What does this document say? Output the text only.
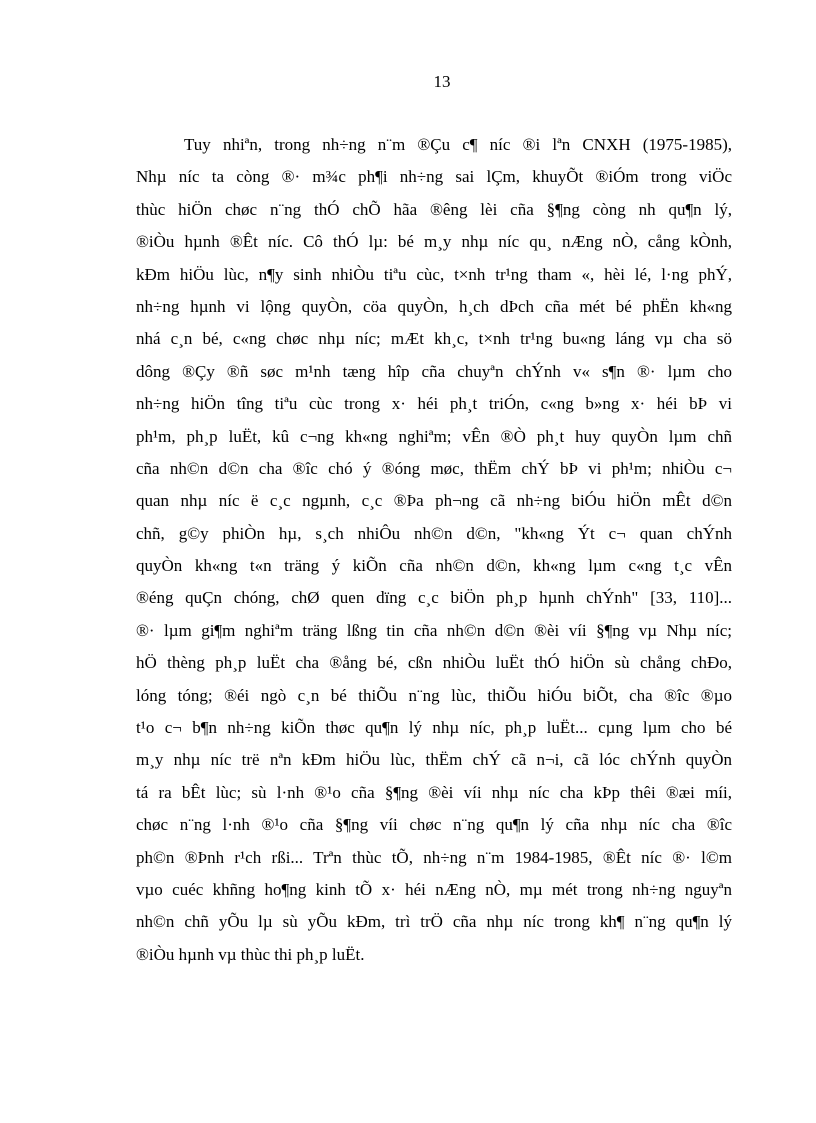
13
Tuy nhiªn, trong nh÷ng n¨m ®Çu c¶ níc ®i lªn CNXH (1975-1985),
Nhµ níc ta còng ®· m¾c ph¶i nh÷ng sai lÇm, khuyÕt ®iÓm trong viÖc
thùc hiÖn chøc n¨ng thÓ chÕ hãa ®êng lèi cña §¶ng còng nh qu¶n lý,
®iÒu hµnh ®Êt níc. Cô thÓ lµ: bé m¸y nhµ níc qu¸ nÆng nÒ, cång kÒnh,
kÐm hiÖu lùc, n¶y sinh nhiÒu tiªu cùc, t×nh tr¹ng tham «, hèi lé, l·ng phÝ,
nh÷ng hµnh vi lộng quyÒn, cöa quyÒn, h¸ch dÞch cña mét bé phËn kh«ng
nhá c¸n bé, c«ng chøc nhµ níc; mÆt kh¸c, t×nh tr¹ng bu«ng láng vµ cha sö
dông ®Çy ®ñ søc m¹nh tæng hîp cña chuyªn chÝnh v« s¶n ®· lµm cho
nh÷ng hiÖn tîng tiªu cùc trong x· héi ph¸t triÓn, c«ng b»ng x· héi bÞ vi
ph¹m, ph¸p luËt, kû c¬ng kh«ng nghiªm; vÊn ®Ò ph¸t huy quyÒn lµm chñ
cña nh©n d©n cha ®îc chó ý ®óng møc, thËm chÝ bÞ vi ph¹m; nhiÒu c¬
quan nhµ níc ë c¸c ngµnh, c¸c ®Þa ph¬ng cã nh÷ng biÓu hiÖn mÊt d©n
chñ, g©y phiÒn hµ, s¸ch nhiÔu nh©n d©n, "kh«ng Ýt c¬ quan chÝnh
quyÒn kh«ng t«n träng ý kiÕn cña nh©n d©n, kh«ng lµm c«ng t¸c vÊn
®éng quÇn chóng, chØ quen dïng c¸c biÖn ph¸p hµnh chÝnh" [33, 110]...
®· lµm gi¶m nghiªm träng lßng tin cña nh©n d©n ®èi víi §¶ng vµ Nhµ níc;
hÖ thèng ph¸p luËt cha ®ång bé, cßn nhiÒu luËt thÓ hiÖn sù chång chÐo,
lóng tóng; ®éi ngò c¸n bé thiÕu n¨ng lùc, thiÕu hiÓu biÕt, cha ®îc ®µo
t¹o c¬ b¶n nh÷ng kiÕn thøc qu¶n lý nhµ níc, ph¸p luËt... cµng lµm cho bé
m¸y nhµ níc trë nªn kÐm hiÖu lùc, thËm chÝ cã n¬i, cã lóc chÝnh quyÒn
tá ra bÊt lùc; sù l·nh ®¹o cña §¶ng ®èi víi nhµ níc cha kÞp thêi ®æi míi,
chøc n¨ng l·nh ®¹o cña §¶ng víi chøc n¨ng qu¶n lý cña nhµ níc cha ®îc
ph©n ®Þnh r¹ch rßi... Trªn thùc tÕ, nh÷ng n¨m 1984-1985, ®Êt níc ®· l©m
vµo cuéc khñng ho¶ng kinh tÕ x· héi nÆng nÒ, mµ mét trong nh÷ng nguyªn
nh©n chñ yÕu lµ sù yÕu kÐm, trì trÖ cña nhµ níc trong kh¶ n¨ng qu¶n lý
®iÒu hµnh vµ thùc thi ph¸p luËt.
